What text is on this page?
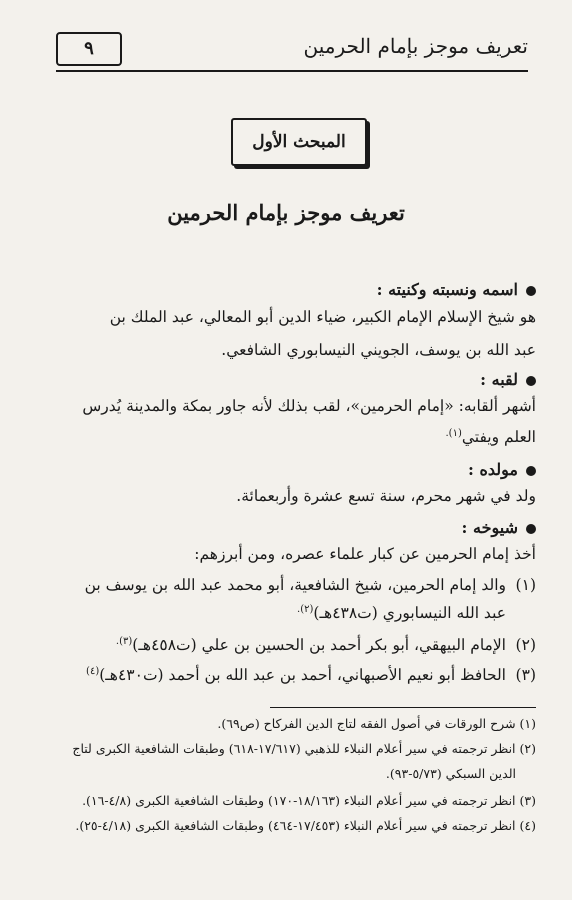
تعريف موجز بإمام الحرمين
٩
المبحث الأول
تعريف موجز بإمام الحرمين
اسمه ونسبته وكنيته :
هو شيخ الإسلام الإمام الكبير، ضياء الدين أبو المعالي، عبد الملك بن
عبد الله بن يوسف، الجويني النيسابوري الشافعي.
لقبه :
أشهر ألقابه: «إمام الحرمين»، لقب بذلك لأنه جاور بمكة والمدينة يُدرس
العلم ويفتي$^{(١).}$
مولده :
ولد في شهر محرم، سنة تسع عشرة وأربعمائة.
شيوخه :
أخذ إمام الحرمين عن كبار علماء عصره، ومن أبرزهم:
(١)والد إمام الحرمين، شيخ الشافعية، أبو محمد عبد الله بن يوسف بن
عبد الله النيسابوري (ت٤٣٨هـ)$^{(٢).}$
(٢)الإمام البيهقي، أبو بكر أحمد بن الحسين بن علي (ت٤٥٨هـ)$^{(٣).}$
(٣)الحافظ أبو نعيم الأصبهاني، أحمد بن عبد الله بن أحمد (ت٤٣٠هـ)$^{(٤)}$
(١) شرح الورقات في أصول الفقه لتاج الدين الفركاح (ص٦٩).
(٢) انظر ترجمته في سير أعلام النبلاء للذهبي (١٧/٦١٧-٦١٨) وطبقات الشافعية الكبرى لتاج
الدين السبكي (٥/٧٣-٩٣).
(٣) انظر ترجمته في سير أعلام النبلاء (١٨/١٦٣-١٧٠) وطبقات الشافعية الكبرى (٤/٨-١٦).
(٤) انظر ترجمته في سير أعلام النبلاء (١٧/٤٥٣-٤٦٤) وطبقات الشافعية الكبرى (٤/١٨-٢٥).
